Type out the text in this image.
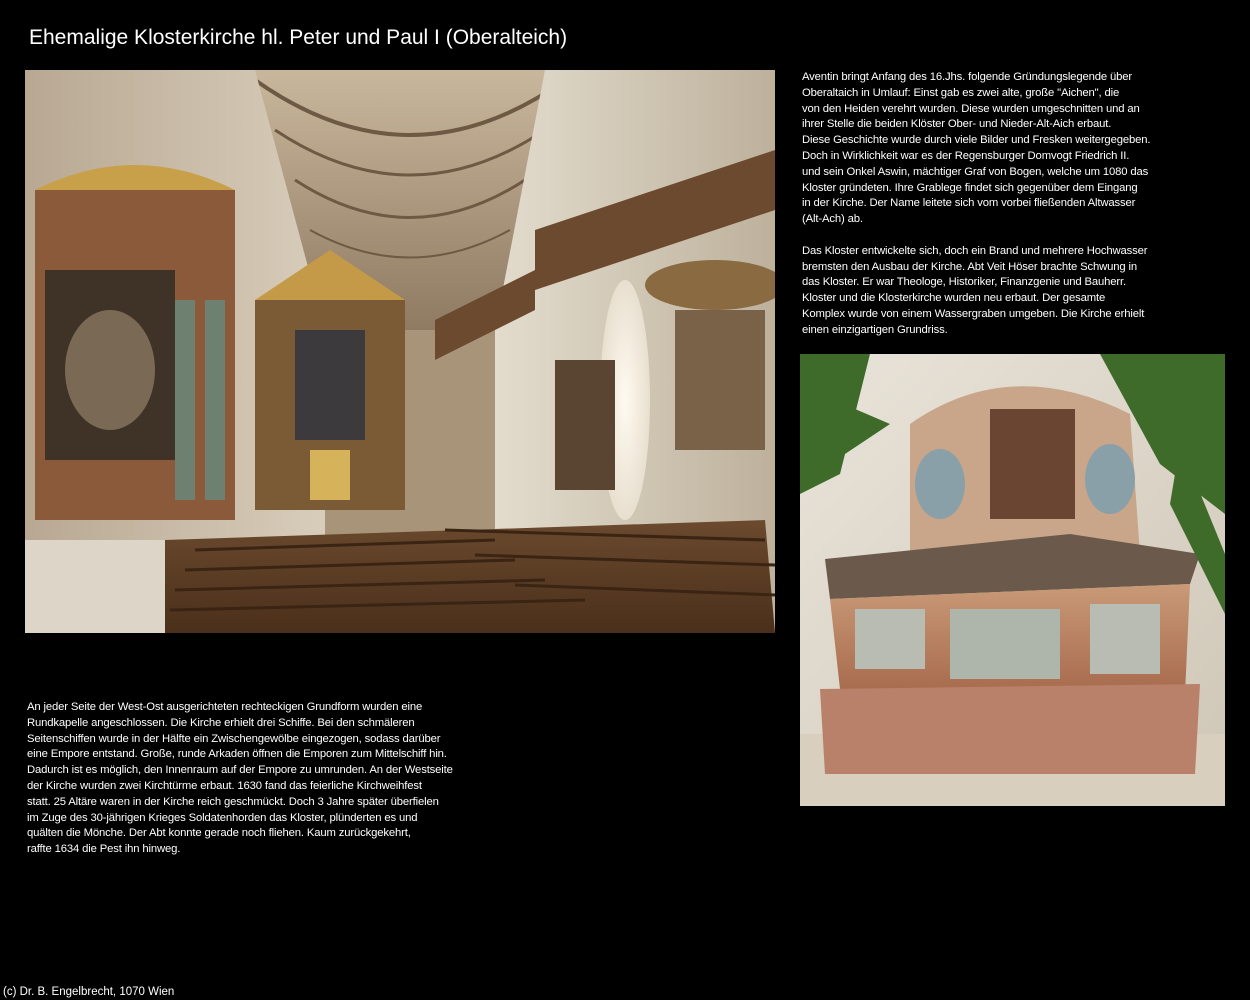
Ehemalige Klosterkirche hl. Peter und Paul I (Oberalteich)
Aventin bringt Anfang des 16.Jhs. folgende Gründungslegende über
Oberaltaich in Umlauf: Einst gab es zwei alte, große "Aichen", die
von den Heiden verehrt wurden. Diese wurden umgeschnitten und an
ihrer Stelle die beiden Klöster Ober- und Nieder-Alt-Aich erbaut.
Diese Geschichte wurde durch viele Bilder und Fresken weitergegeben.
Doch in Wirklichkeit war es der Regensburger Domvogt Friedrich II.
und sein Onkel Aswin, mächtiger Graf von Bogen, welche um 1080 das
Kloster gründeten. Ihre Grablege findet sich gegenüber dem Eingang
in der Kirche. Der Name leitete sich vom vorbei fließenden Altwasser
(Alt-Ach) ab.
Das Kloster entwickelte sich, doch ein Brand und mehrere Hochwasser
bremsten den Ausbau der Kirche. Abt Veit Höser brachte Schwung in
das Kloster. Er war Theologe, Historiker, Finanzgenie und Bauherr.
Kloster und die Klosterkirche wurden neu erbaut. Der gesamte
Komplex wurde von einem Wassergraben umgeben. Die Kirche erhielt
einen einzigartigen Grundriss.
An jeder Seite der West-Ost ausgerichteten rechteckigen Grundform wurden eine
Rundkapelle angeschlossen. Die Kirche erhielt drei Schiffe. Bei den schmäleren
Seitenschiffen wurde in der Hälfte ein Zwischengewölbe eingezogen, sodass darüber
eine Empore entstand. Große, runde Arkaden öffnen die Emporen zum Mittelschiff hin.
Dadurch ist es möglich, den Innenraum auf der Empore zu umrunden. An der Westseite
der Kirche wurden zwei Kirchtürme erbaut. 1630 fand das feierliche Kirchweihfest
statt. 25 Altäre waren in der Kirche reich geschmückt. Doch 3 Jahre später überfielen
im Zuge des 30-jährigen Krieges Soldatenhorden das Kloster, plünderten es und
quälten die Mönche. Der Abt konnte gerade noch fliehen. Kaum zurückgekehrt,
raffte 1634 die Pest ihn hinweg.
(c) Dr. B. Engelbrecht, 1070 Wien
